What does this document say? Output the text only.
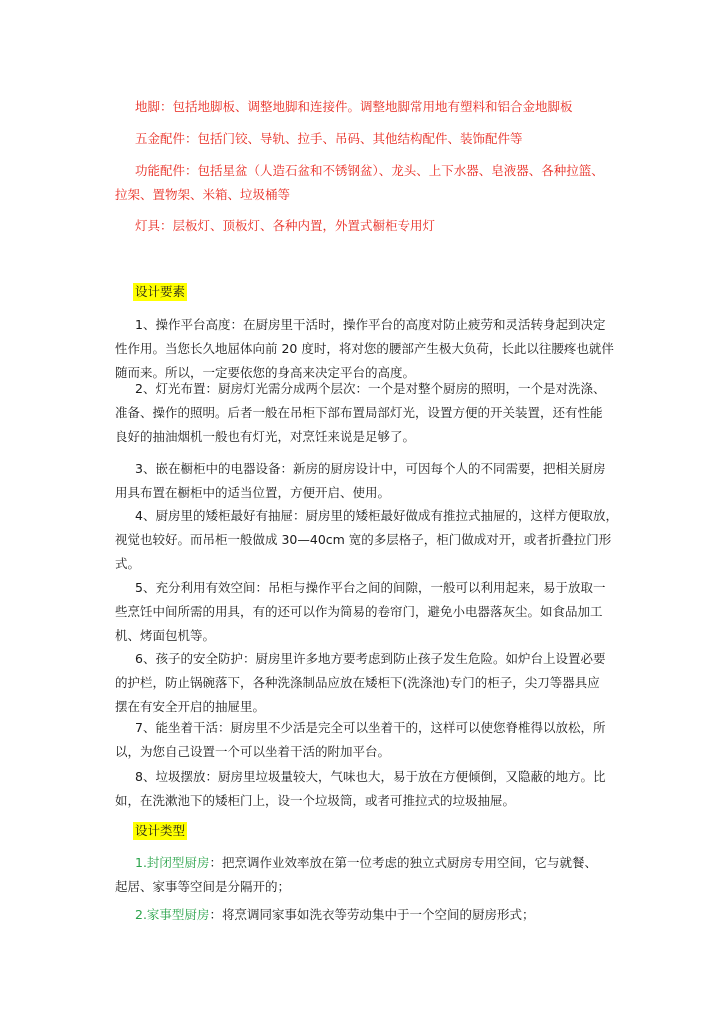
地脚：包括地脚板、调整地脚和连接件。调整地脚常用地有塑料和铝合金地脚板
五金配件：包括门铰、导轨、拉手、吊码、其他结构配件、装饰配件等
功能配件：包括星盆（人造石盆和不锈钢盆）、龙头、上下水器、皂液器、各种拉篮、
拉架、置物架、米箱、垃圾桶等
灯具：层板灯、顶板灯、各种内置，外置式橱柜专用灯
设计要素
1、操作平台高度：在厨房里干活时，操作平台的高度对防止疲劳和灵活转身起到决定
性作用。当您长久地屈体向前 20 度时，将对您的腰部产生极大负荷，长此以往腰疼也就伴
随而来。所以，一定要依您的身高来决定平台的高度。
2、灯光布置：厨房灯光需分成两个层次：一个是对整个厨房的照明，一个是对洗涤、
准备、操作的照明。后者一般在吊柜下部布置局部灯光，设置方便的开关装置，还有性能
良好的抽油烟机一般也有灯光，对烹饪来说是足够了。
3、嵌在橱柜中的电器设备：新房的厨房设计中，可因每个人的不同需要，把相关厨房
用具布置在橱柜中的适当位置，方便开启、使用。
4、厨房里的矮柜最好有抽屉：厨房里的矮柜最好做成有推拉式抽屉的，这样方便取放，
视觉也较好。而吊柜一般做成 30—40cm 宽的多层格子，柜门做成对开，或者折叠拉门形
式。
5、充分利用有效空间：吊柜与操作平台之间的间隙，一般可以利用起来，易于放取一
些烹饪中间所需的用具，有的还可以作为简易的卷帘门，避免小电器落灰尘。如食品加工
机、烤面包机等。
6、孩子的安全防护：厨房里许多地方要考虑到防止孩子发生危险。如炉台上设置必要
的护栏，防止锅碗落下，各种洗涤制品应放在矮柜下(洗涤池)专门的柜子，尖刀等器具应
摆在有安全开启的抽屉里。
7、能坐着干活：厨房里不少活是完全可以坐着干的，这样可以使您脊椎得以放松，所
以，为您自己设置一个可以坐着干活的附加平台。
8、垃圾摆放：厨房里垃圾量较大，气味也大，易于放在方便倾倒，又隐蔽的地方。比
如，在洗漱池下的矮柜门上，设一个垃圾筒，或者可推拉式的垃圾抽屉。
设计类型
1.封闭型厨房：把烹调作业效率放在第一位考虑的独立式厨房专用空间，它与就餐、
起居、家事等空间是分隔开的；
2.家事型厨房：将烹调同家事如洗衣等劳动集中于一个空间的厨房形式；
